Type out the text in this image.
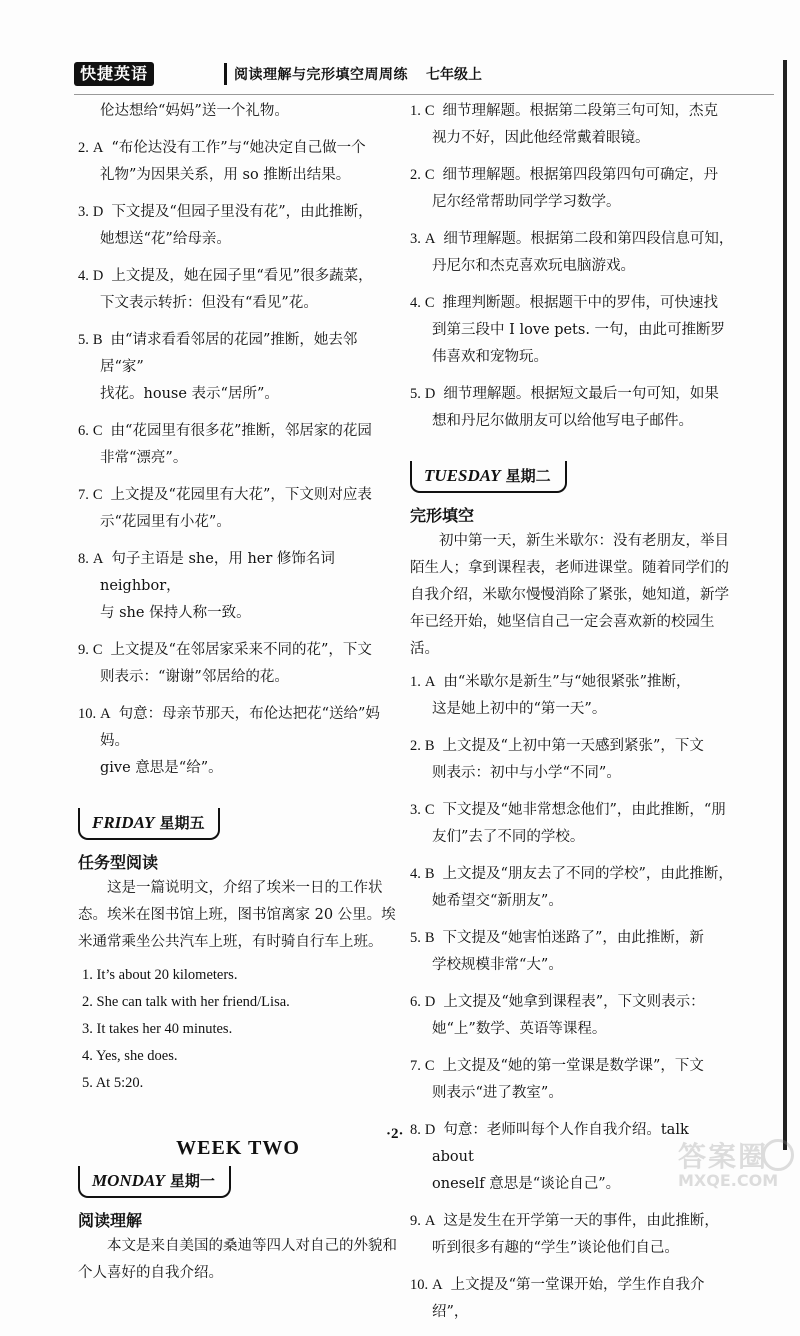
快捷英语	阅读理解与完形填空周周练 七年级上
伦达想给“妈妈”送一个礼物。
2. A “布伦达没有工作”与“她决定自己做一个
礼物”为因果关系，用 so 推断出结果。
3. D 下文提及“但园子里没有花”，由此推断，
她想送“花”给母亲。
4. D 上文提及，她在园子里“看见”很多蔬菜，
下文表示转折：但没有“看见”花。
5. B 由“请求看看邻居的花园”推断，她去邻居“家”
找花。house 表示“居所”。
6. C 由“花园里有很多花”推断，邻居家的花园
非常“漂亮”。
7. C 上文提及“花园里有大花”，下文则对应表
示“花园里有小花”。
8. A 句子主语是 she，用 her 修饰名词 neighbor，
与 she 保持人称一致。
9. C 上文提及“在邻居家采来不同的花”，下文
则表示：“谢谢”邻居给的花。
10. A 句意：母亲节那天，布伦达把花“送给”妈妈。
give 意思是“给”。
FRIDAY 星期五
任务型阅读
这是一篇说明文，介绍了埃米一日的工作状态。埃米在图书馆上班，图书馆离家 20 公里。埃米通常乘坐公共汽车上班，有时骑自行车上班。
1. It’s about 20 kilometers.
2. She can talk with her friend/Lisa.
3. It takes her 40 minutes.
4. Yes, she does.
5. At 5:20.
WEEK TWO
MONDAY 星期一
阅读理解
本文是来自美国的桑迪等四人对自己的外貌和个人喜好的自我介绍。
1. C 细节理解题。根据第二段第三句可知，杰克
视力不好，因此他经常戴着眼镜。
2. C 细节理解题。根据第四段第四句可确定，丹
尼尔经常帮助同学学习数学。
3. A 细节理解题。根据第二段和第四段信息可知，
丹尼尔和杰克喜欢玩电脑游戏。
4. C 推理判断题。根据题干中的罗伟，可快速找
到第三段中 I love pets. 一句，由此可推断罗伟喜欢和宠物玩。
5. D 细节理解题。根据短文最后一句可知，如果
想和丹尼尔做朋友可以给他写电子邮件。
TUESDAY 星期二
完形填空
初中第一天，新生米歇尔：没有老朋友，举目陌生人；拿到课程表，老师进课堂。随着同学们的自我介绍，米歇尔慢慢消除了紧张，她知道，新学年已经开始，她坚信自己一定会喜欢新的校园生活。
1. A 由“米歇尔是新生”与“她很紧张”推断，
这是她上初中的“第一天”。
2. B 上文提及“上初中第一天感到紧张”，下文
则表示：初中与小学“不同”。
3. C 下文提及“她非常想念他们”，由此推断，“朋
友们”去了不同的学校。
4. B 上文提及“朋友去了不同的学校”，由此推断，
她希望交“新朋友”。
5. B 下文提及“她害怕迷路了”，由此推断，新
学校规模非常“大”。
6. D 上文提及“她拿到课程表”，下文则表示：
她“上”数学、英语等课程。
7. C 上文提及“她的第一堂课是数学课”，下文
则表示“进了教室”。
8. D 句意：老师叫每个人作自我介绍。talk about
oneself 意思是“谈论自己”。
9. A 这是发生在开学第一天的事件，由此推断，
听到很多有趣的“学生”谈论他们自己。
10. A 上文提及“第一堂课开始，学生作自我介绍”，
·2·
答案圈
MXQE.COM
